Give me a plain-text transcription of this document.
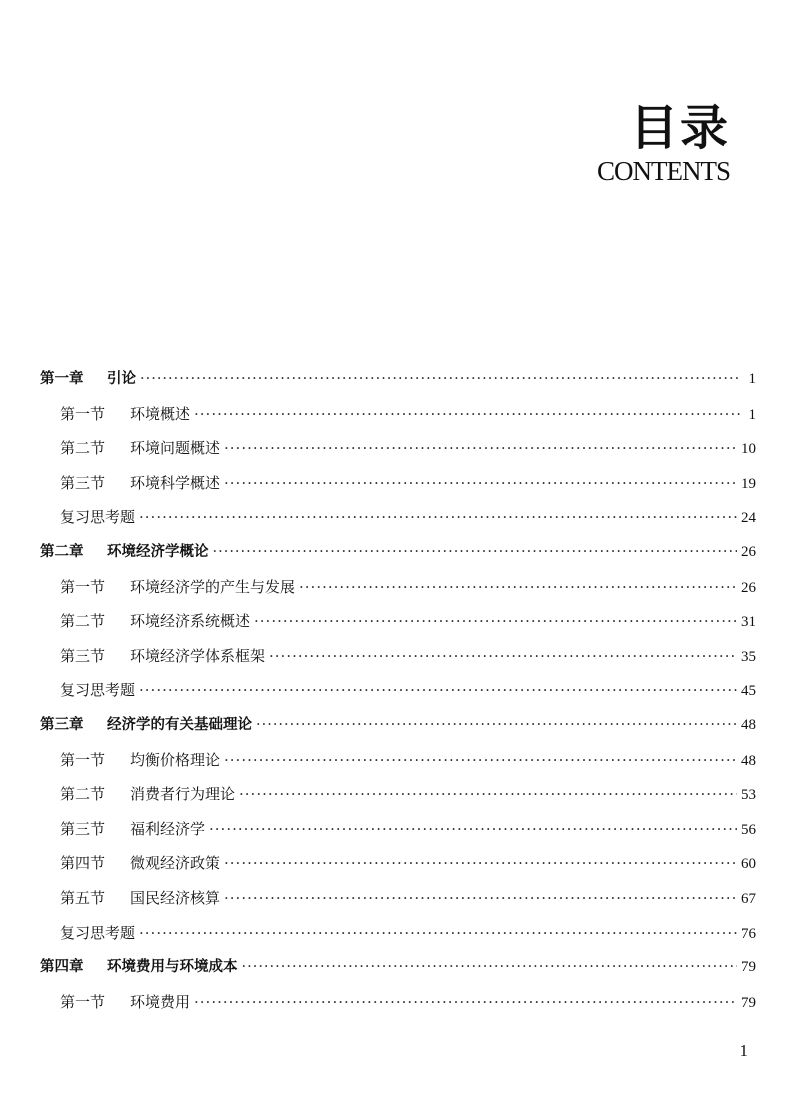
目录
CONTENTS
第一章	引论 ·····	1
第一节	环境概述 ·····	1
第二节	环境问题概述 ·····	10
第三节	环境科学概述 ·····	19
复习思考题 ·····	24
第二章	环境经济学概论 ·····	26
第一节	环境经济学的产生与发展 ·····	26
第二节	环境经济系统概述 ·····	31
第三节	环境经济学体系框架 ·····	35
复习思考题 ·····	45
第三章	经济学的有关基础理论 ·····	48
第一节	均衡价格理论 ·····	48
第二节	消费者行为理论 ·····	53
第三节	福利经济学 ·····	56
第四节	微观经济政策 ·····	60
第五节	国民经济核算 ·····	67
复习思考题 ·····	76
第四章	环境费用与环境成本 ·····	79
第一节	环境费用 ·····	79
1
